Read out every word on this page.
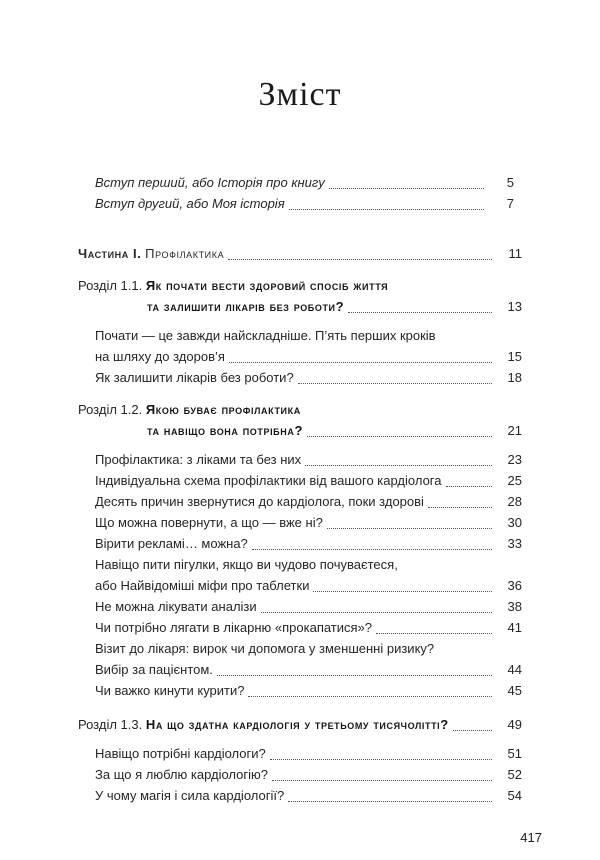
Зміст
Вступ перший, або Історія про книгу	5
Вступ другий, або Моя історія	7
Частина I. Профілактика	11
Розділ 1.1. Як почати вести здоровий спосіб життя
та залишити лікарів без роботи?	13
Почати — це завжди найскладніше. П’ять перших кроків
на шляху до здоров’я	15
Як залишити лікарів без роботи?	18
Розділ 1.2. Якою буває профілактика
та навіщо вона потрібна?	21
Профілактика: з ліками та без них	23
Індивідуальна схема профілактики від вашого кардіолога	25
Десять причин звернутися до кардіолога, поки здорові	28
Що можна повернути, а що — вже ні?	30
Вірити рекламі… можна?	33
Навіщо пити пігулки, якщо ви чудово почуваєтеся,
або Найвідоміші міфи про таблетки	36
Не можна лікувати аналізи	38
Чи потрібно лягати в лікарню «прокапатися»?	41
Візит до лікаря: вирок чи допомога у зменшенні ризику?
Вибір за пацієнтом.	44
Чи важко кинути курити?	45
Розділ 1.3. На що здатна кардіологія у третьому тисячолітті?	49
Навіщо потрібні кардіологи?	51
За що я люблю кардіологію?	52
У чому магія і сила кардіології?	54
417
